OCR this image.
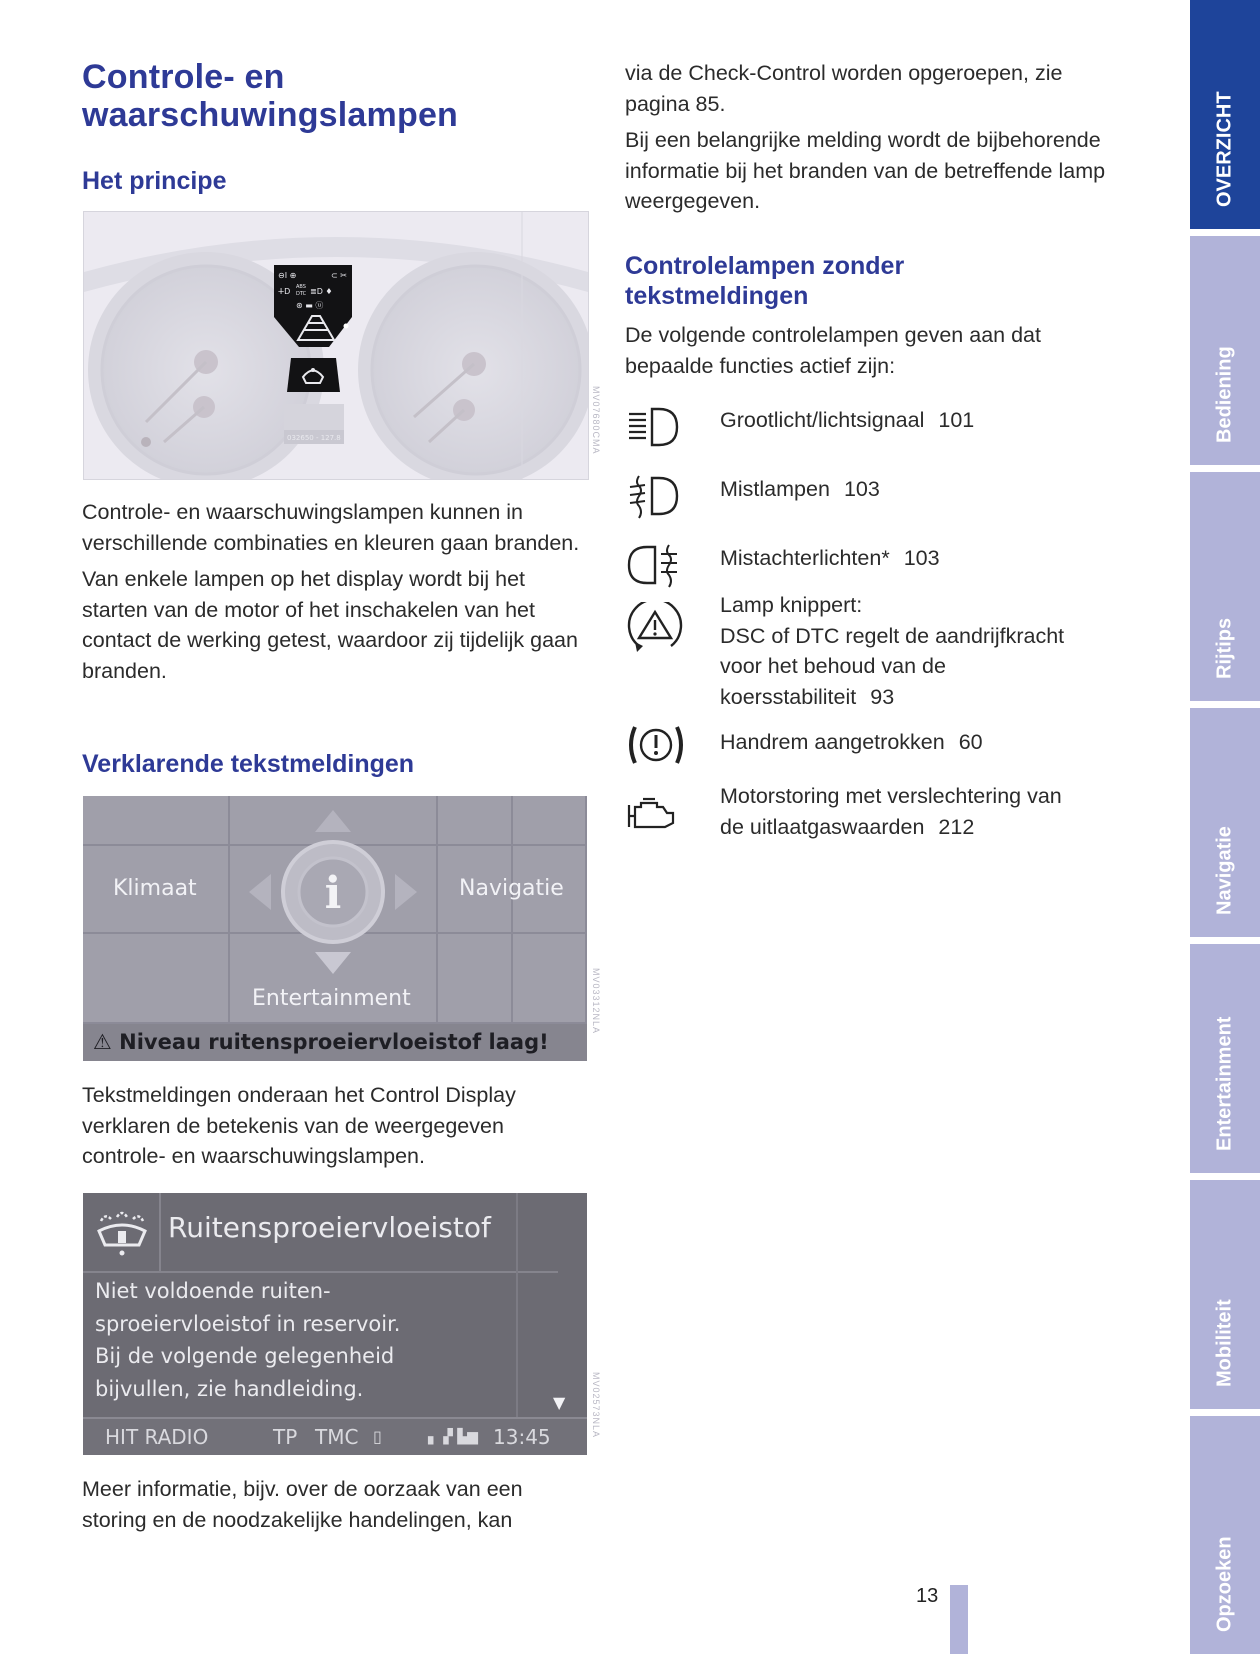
Controle- en
waarschuwingslampen
Het principe
⊖I ⊕	⊂ ✂
ⵜD ABS
DTC ≣D ♦
⊛ ▬ ⓤ
032650 - 127.8	MV07680CMA
Controle- en waarschuwingslampen kunnen in verschillende combinaties en kleuren gaan branden.
Van enkele lampen op het display wordt bij het starten van de motor of het inschakelen van het contact de werking getest, waardoor zij tijdelijk gaan branden.
Verklarende tekstmeldingen
i
Klimaat	Navigatie
Entertainment
⚠ Niveau ruitensproeiervloeistof laag!
MV03312NLA
Tekstmeldingen onderaan het Control Display verklaren de betekenis van de weergegeven controle- en waarschuwingslampen.
Ruitensproeiervloeistof
Niet voldoende ruiten-
sproeiervloeistof in reservoir.
Bij de volgende gelegenheid
bijvullen, zie handleiding.
▼
HIT RADIO	TP TMC ▯	▖▗▘▙▆ 13:45	MV02573NLA
Meer informatie, bijv. over de oorzaak van een storing en de noodzakelijke handelingen, kan
via de Check-Control worden opgeroepen, zie pagina 85.
Bij een belangrijke melding wordt de bijbehorende informatie bij het branden van de betreffende lamp weergegeven.
Controlelampen zonder
tekstmeldingen
De volgende controlelampen geven aan dat bepaalde functies actief zijn:
Grootlicht/lichtsignaal 101
Mistlampen 103
Mistachterlichten* 103
Lamp knippert:
DSC of DTC regelt de aandrijfkracht
voor het behoud van de
koersstabiliteit 93
Handrem aangetrokken 60
Motorstoring met verslechtering van
de uitlaatgaswaarden 212
OVERZICHT
Bediening
Rijtips
Navigatie
Entertainment
Mobiliteit
Opzoeken
13
